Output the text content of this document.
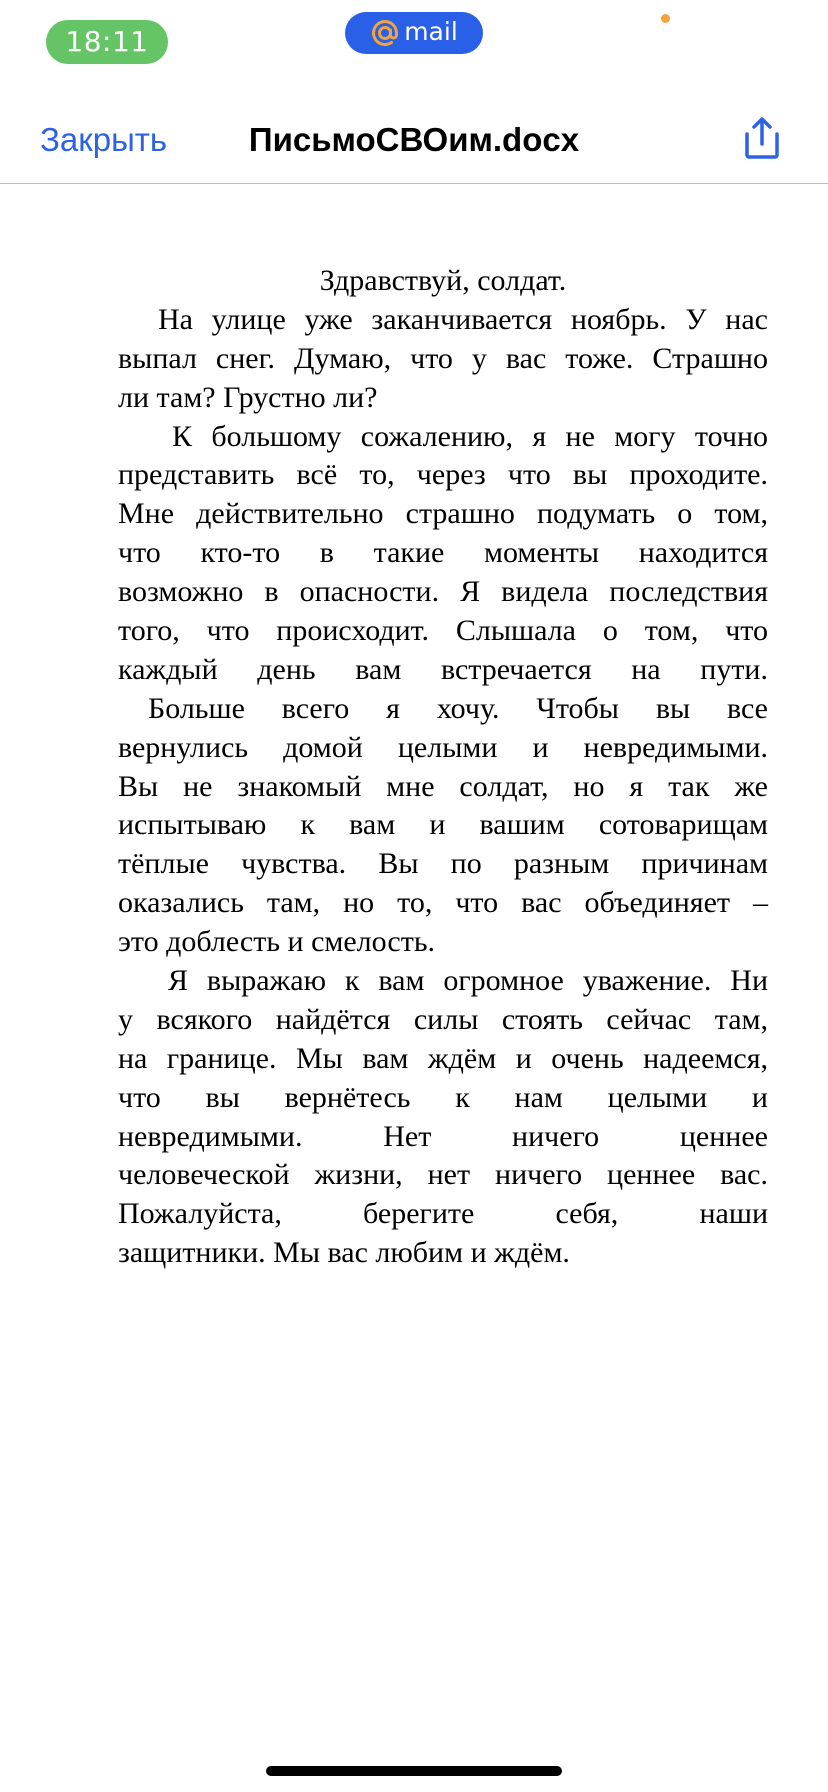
18:11	mail
Закрыть	ПисьмоСВОим.docx
Здравствуй, солдат.
На улице уже заканчивается ноябрь. У нас
выпал снег. Думаю, что у вас тоже. Страшно
ли там? Грустно ли?
К большому сожалению, я не могу точно
представить всё то, через что вы проходите.
Мне действительно страшно подумать о том,
что кто-то в такие моменты находится
возможно в опасности. Я видела последствия
того, что происходит. Слышала о том, что
каждый день вам встречается на пути.
Больше всего я хочу. Чтобы вы все
вернулись домой целыми и невредимыми.
Вы не знакомый мне солдат, но я так же
испытываю к вам и вашим сотоварищам
тёплые чувства. Вы по разным причинам
оказались там, но то, что вас объединяет –
это доблесть и смелость.
Я выражаю к вам огромное уважение. Ни
у всякого найдётся силы стоять сейчас там,
на границе. Мы вам ждём и очень надеемся,
что вы вернётесь к нам целыми и
невредимыми. Нет ничего ценнее
человеческой жизни, нет ничего ценнее вас.
Пожалуйста, берегите себя, наши
защитники. Мы вас любим и ждём.
